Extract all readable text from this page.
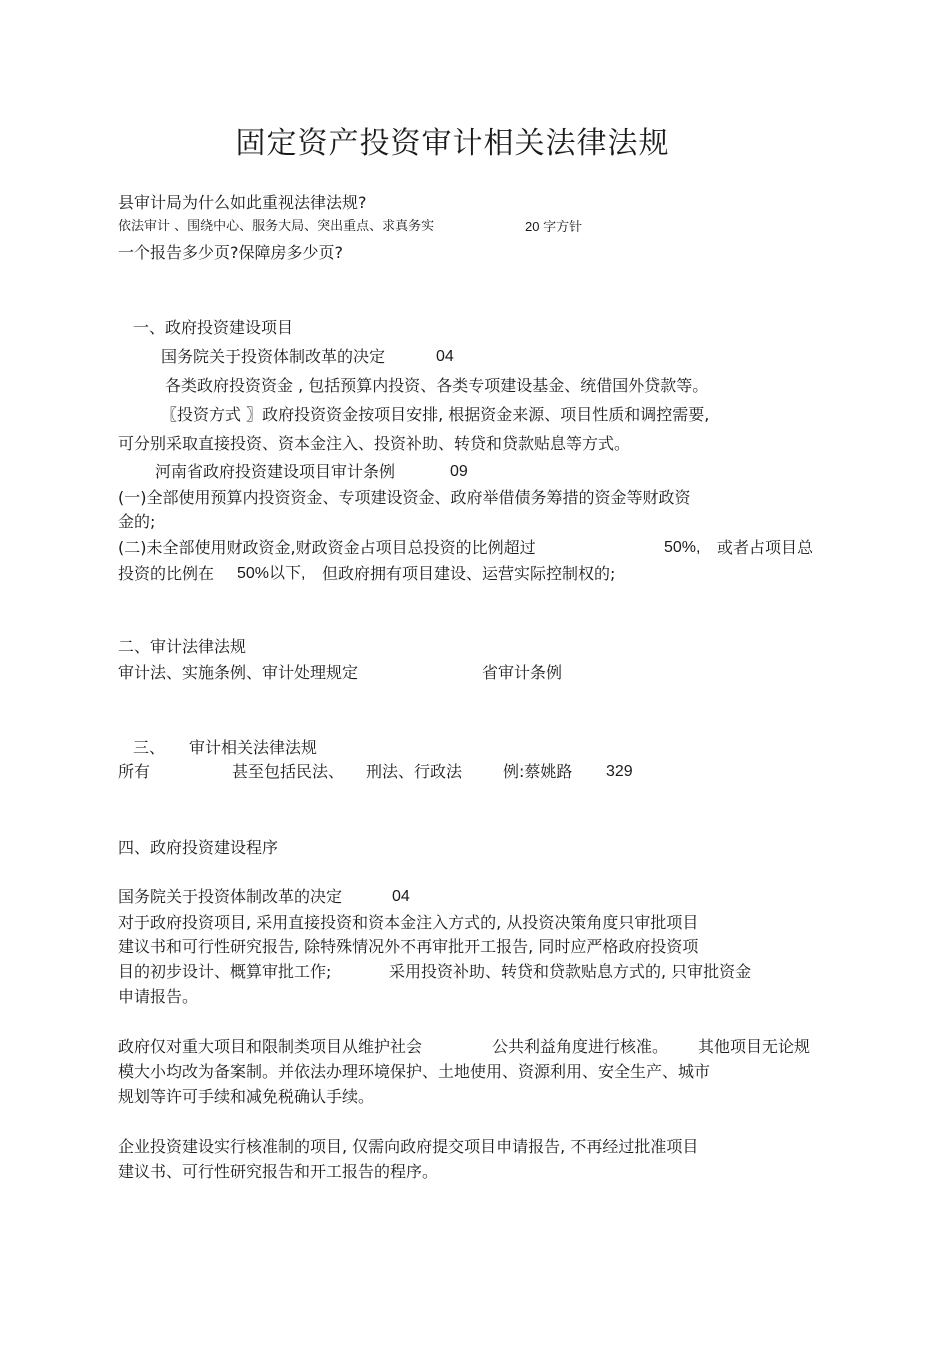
固定资产投资审计相关法律法规
县审计局为什么如此重视法律法规?
依法审计 、围绕中心、服务大局、突出重点、求真务实	20 字方针
一个报告多少页?保障房多少页?
一、政府投资建设项目
国务院关于投资体制改革的决定	04
各类政府投资资金 , 包括预算内投资、各类专项建设基金、统借国外贷款等。
〖投资方式 〗政府投资资金按项目安排, 根据资金来源、项目性质和调控需要,
可分别采取直接投资、资本金注入、投资补助、转贷和贷款贴息等方式。
河南省政府投资建设项目审计条例	09
(一)全部使用预算内投资资金、专项建设资金、政府举借债务筹措的资金等财政资
金的;
(二)未全部使用财政资金,财政资金占项目总投资的比例超过	50%, 或者占项目总
投资的比例在 50%以下, 但政府拥有项目建设、运营实际控制权的;
二、审计法律法规
审计法、实施条例、审计处理规定	省审计条例
三、 审计相关法律法规
所有	甚至包括民法、 刑法、行政法	例:蔡姚路 329
四、政府投资建设程序
国务院关于投资体制改革的决定	04
对于政府投资项目, 采用直接投资和资本金注入方式的, 从投资决策角度只审批项目
建议书和可行性研究报告, 除特殊情况外不再审批开工报告, 同时应严格政府投资项
目的初步设计、概算审批工作;	采用投资补助、转贷和贷款贴息方式的, 只审批资金
申请报告。
政府仅对重大项目和限制类项目从维护社会	公共利益角度进行核准。 其他项目无论规
模大小均改为备案制。并依法办理环境保护、土地使用、资源利用、安全生产、城市
规划等许可手续和减免税确认手续。
企业投资建设实行核准制的项目, 仅需向政府提交项目申请报告, 不再经过批准项目
建议书、可行性研究报告和开工报告的程序。
